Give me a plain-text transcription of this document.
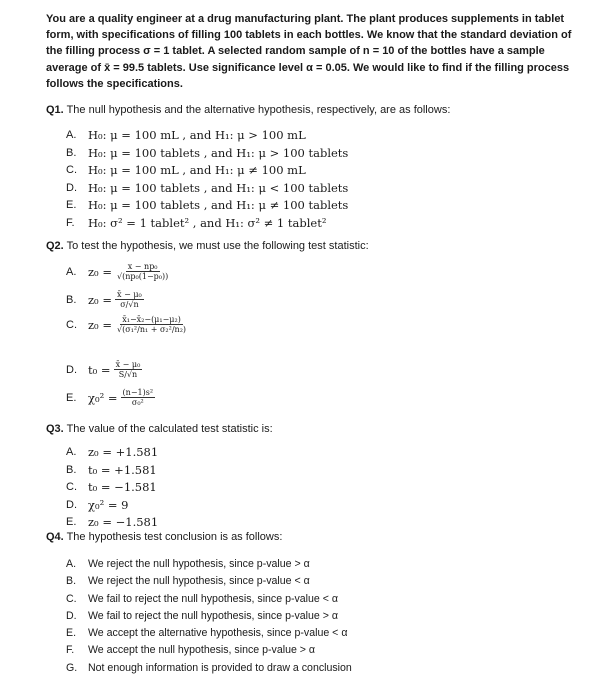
You are a quality engineer at a drug manufacturing plant. The plant produces supplements in tablet form, with specifications of filling 100 tablets in each bottles. We know that the standard deviation of the filling process σ = 1 tablet. A selected random sample of n = 10 of the bottles have a sample average of x̄ = 99.5 tablets. Use significance level α = 0.05. We would like to find if the filling process follows the specifications.
Q1. The null hypothesis and the alternative hypothesis, respectively, are as follows:
A.	H₀: μ = 100 mL , and H₁: μ > 100 mL
B.	H₀: μ = 100 tablets , and H₁: μ > 100 tablets
C. H₀: μ = 100 mL , and H₁: μ ≠ 100 mL
D. H₀: μ = 100 tablets , and H₁: μ < 100 tablets
E.	H₀: μ = 100 tablets , and H₁: μ ≠ 100 tablets
F.	H₀: σ² = 1 tablet² , and H₁: σ² ≠ 1 tablet²
Q2. To test the hypothesis, we must use the following test statistic:
A.	z₀ =
$\frac{\text{x − np₀}}{\text{√(np₀(1−p₀))}}$
B.	z₀ =
$\frac{\text{x̄ − μ₀}}{\sigma/√n}$
C. z₀ =
$\frac{\text{x̄₁−x̄₂−(μ₁−μ₂)}}{\text{√(σ₁²/n₁ + σ₂²/n₂)}}$
D. t₀ =
$\frac{\text{x̄ − μ₀}}{S/√n}$
E.	χ₀² =
$\frac{\text{(n−1)s²}}{\text{σ₀²}}$
Q3. The value of the calculated test statistic is:
A.	z₀ = +1.581
B.	t₀ = +1.581
C. t₀ = −1.581
D. χ₀² = 9
E.	z₀ = −1.581
Q4. The hypothesis test conclusion is as follows:
A.	We reject the null hypothesis, since p-value > α
B.	We reject the null hypothesis, since p-value < α
C.	We fail to reject the null hypothesis, since p-value < α
D.	We fail to reject the null hypothesis, since p-value > α
E.	We accept the alternative hypothesis, since p-value < α
F.	We accept the null hypothesis, since p-value > α
G.	Not enough information is provided to draw a conclusion
